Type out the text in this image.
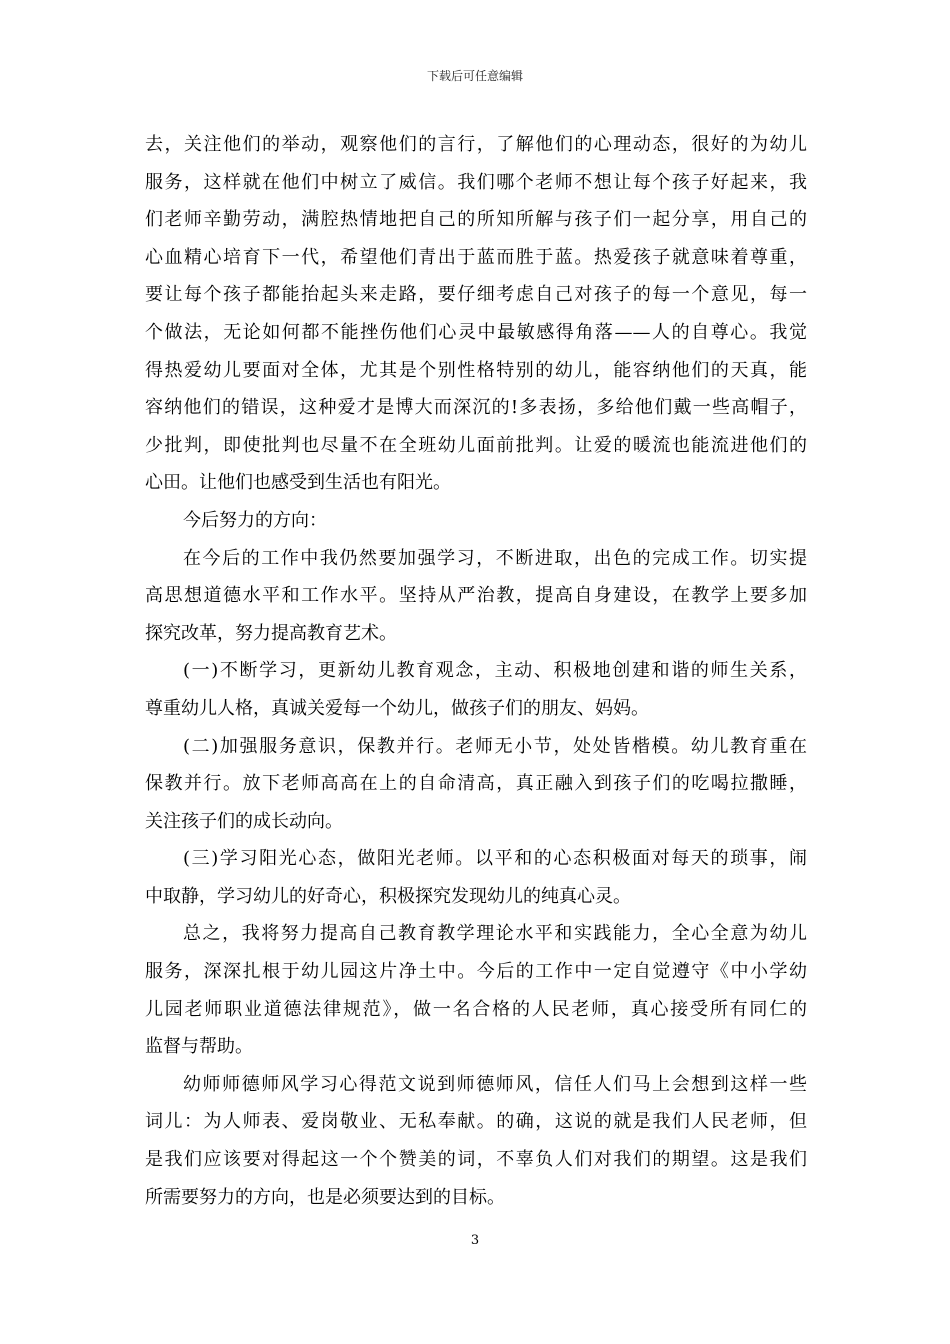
下载后可任意编辑
去，关注他们的举动，观察他们的言行，了解他们的心理动态，很好的为幼儿
服务，这样就在他们中树立了威信。我们哪个老师不想让每个孩子好起来，我
们老师辛勤劳动，满腔热情地把自己的所知所解与孩子们一起分享，用自己的
心血精心培育下一代，希望他们青出于蓝而胜于蓝。热爱孩子就意味着尊重，
要让每个孩子都能抬起头来走路，要仔细考虑自己对孩子的每一个意见，每一
个做法，无论如何都不能挫伤他们心灵中最敏感得角落——人的自尊心。我觉
得热爱幼儿要面对全体，尤其是个别性格特别的幼儿，能容纳他们的天真，能
容纳他们的错误，这种爱才是博大而深沉的!多表扬，多给他们戴一些高帽子，
少批判，即使批判也尽量不在全班幼儿面前批判。让爱的暖流也能流进他们的
心田。让他们也感受到生活也有阳光。
今后努力的方向：
在今后的工作中我仍然要加强学习，不断进取，出色的完成工作。切实提
高思想道德水平和工作水平。坚持从严治教，提高自身建设，在教学上要多加
探究改革，努力提高教育艺术。
(一)不断学习，更新幼儿教育观念，主动、积极地创建和谐的师生关系，
尊重幼儿人格，真诚关爱每一个幼儿，做孩子们的朋友、妈妈。
(二)加强服务意识，保教并行。老师无小节，处处皆楷模。幼儿教育重在
保教并行。放下老师高高在上的自命清高，真正融入到孩子们的吃喝拉撒睡，
关注孩子们的成长动向。
(三)学习阳光心态，做阳光老师。以平和的心态积极面对每天的琐事，闹
中取静，学习幼儿的好奇心，积极探究发现幼儿的纯真心灵。
总之，我将努力提高自己教育教学理论水平和实践能力，全心全意为幼儿
服务，深深扎根于幼儿园这片净土中。今后的工作中一定自觉遵守《中小学幼
儿园老师职业道德法律规范》，做一名合格的人民老师，真心接受所有同仁的
监督与帮助。
幼师师德师风学习心得范文说到师德师风，信任人们马上会想到这样一些
词儿：为人师表、爱岗敬业、无私奉献。的确，这说的就是我们人民老师，但
是我们应该要对得起这一个个赞美的词，不辜负人们对我们的期望。这是我们
所需要努力的方向，也是必须要达到的目标。
3
